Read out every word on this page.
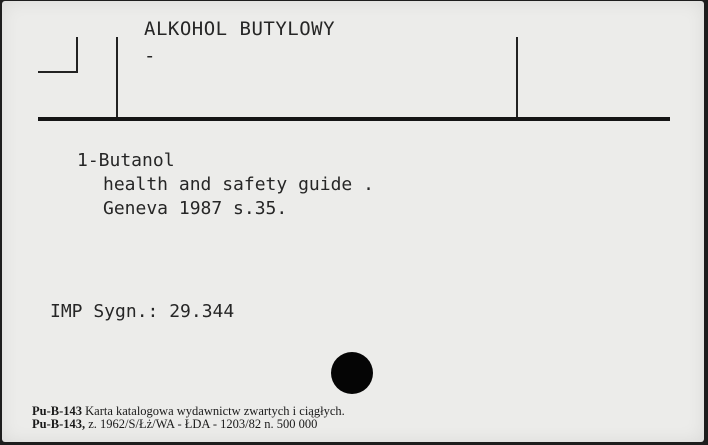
ALKOHOL BUTYLOWY
-
1-Butanol

health and safety guide .
Geneva 1987 s.35.
IMP Sygn.: 29.344
Pu-B-143 Karta katalogowa wydawnictw zwartych i ciągłych.
Pu-B-143, z. 1962/S/Łż/WA - ŁDA - 1203/82 n. 500 000
